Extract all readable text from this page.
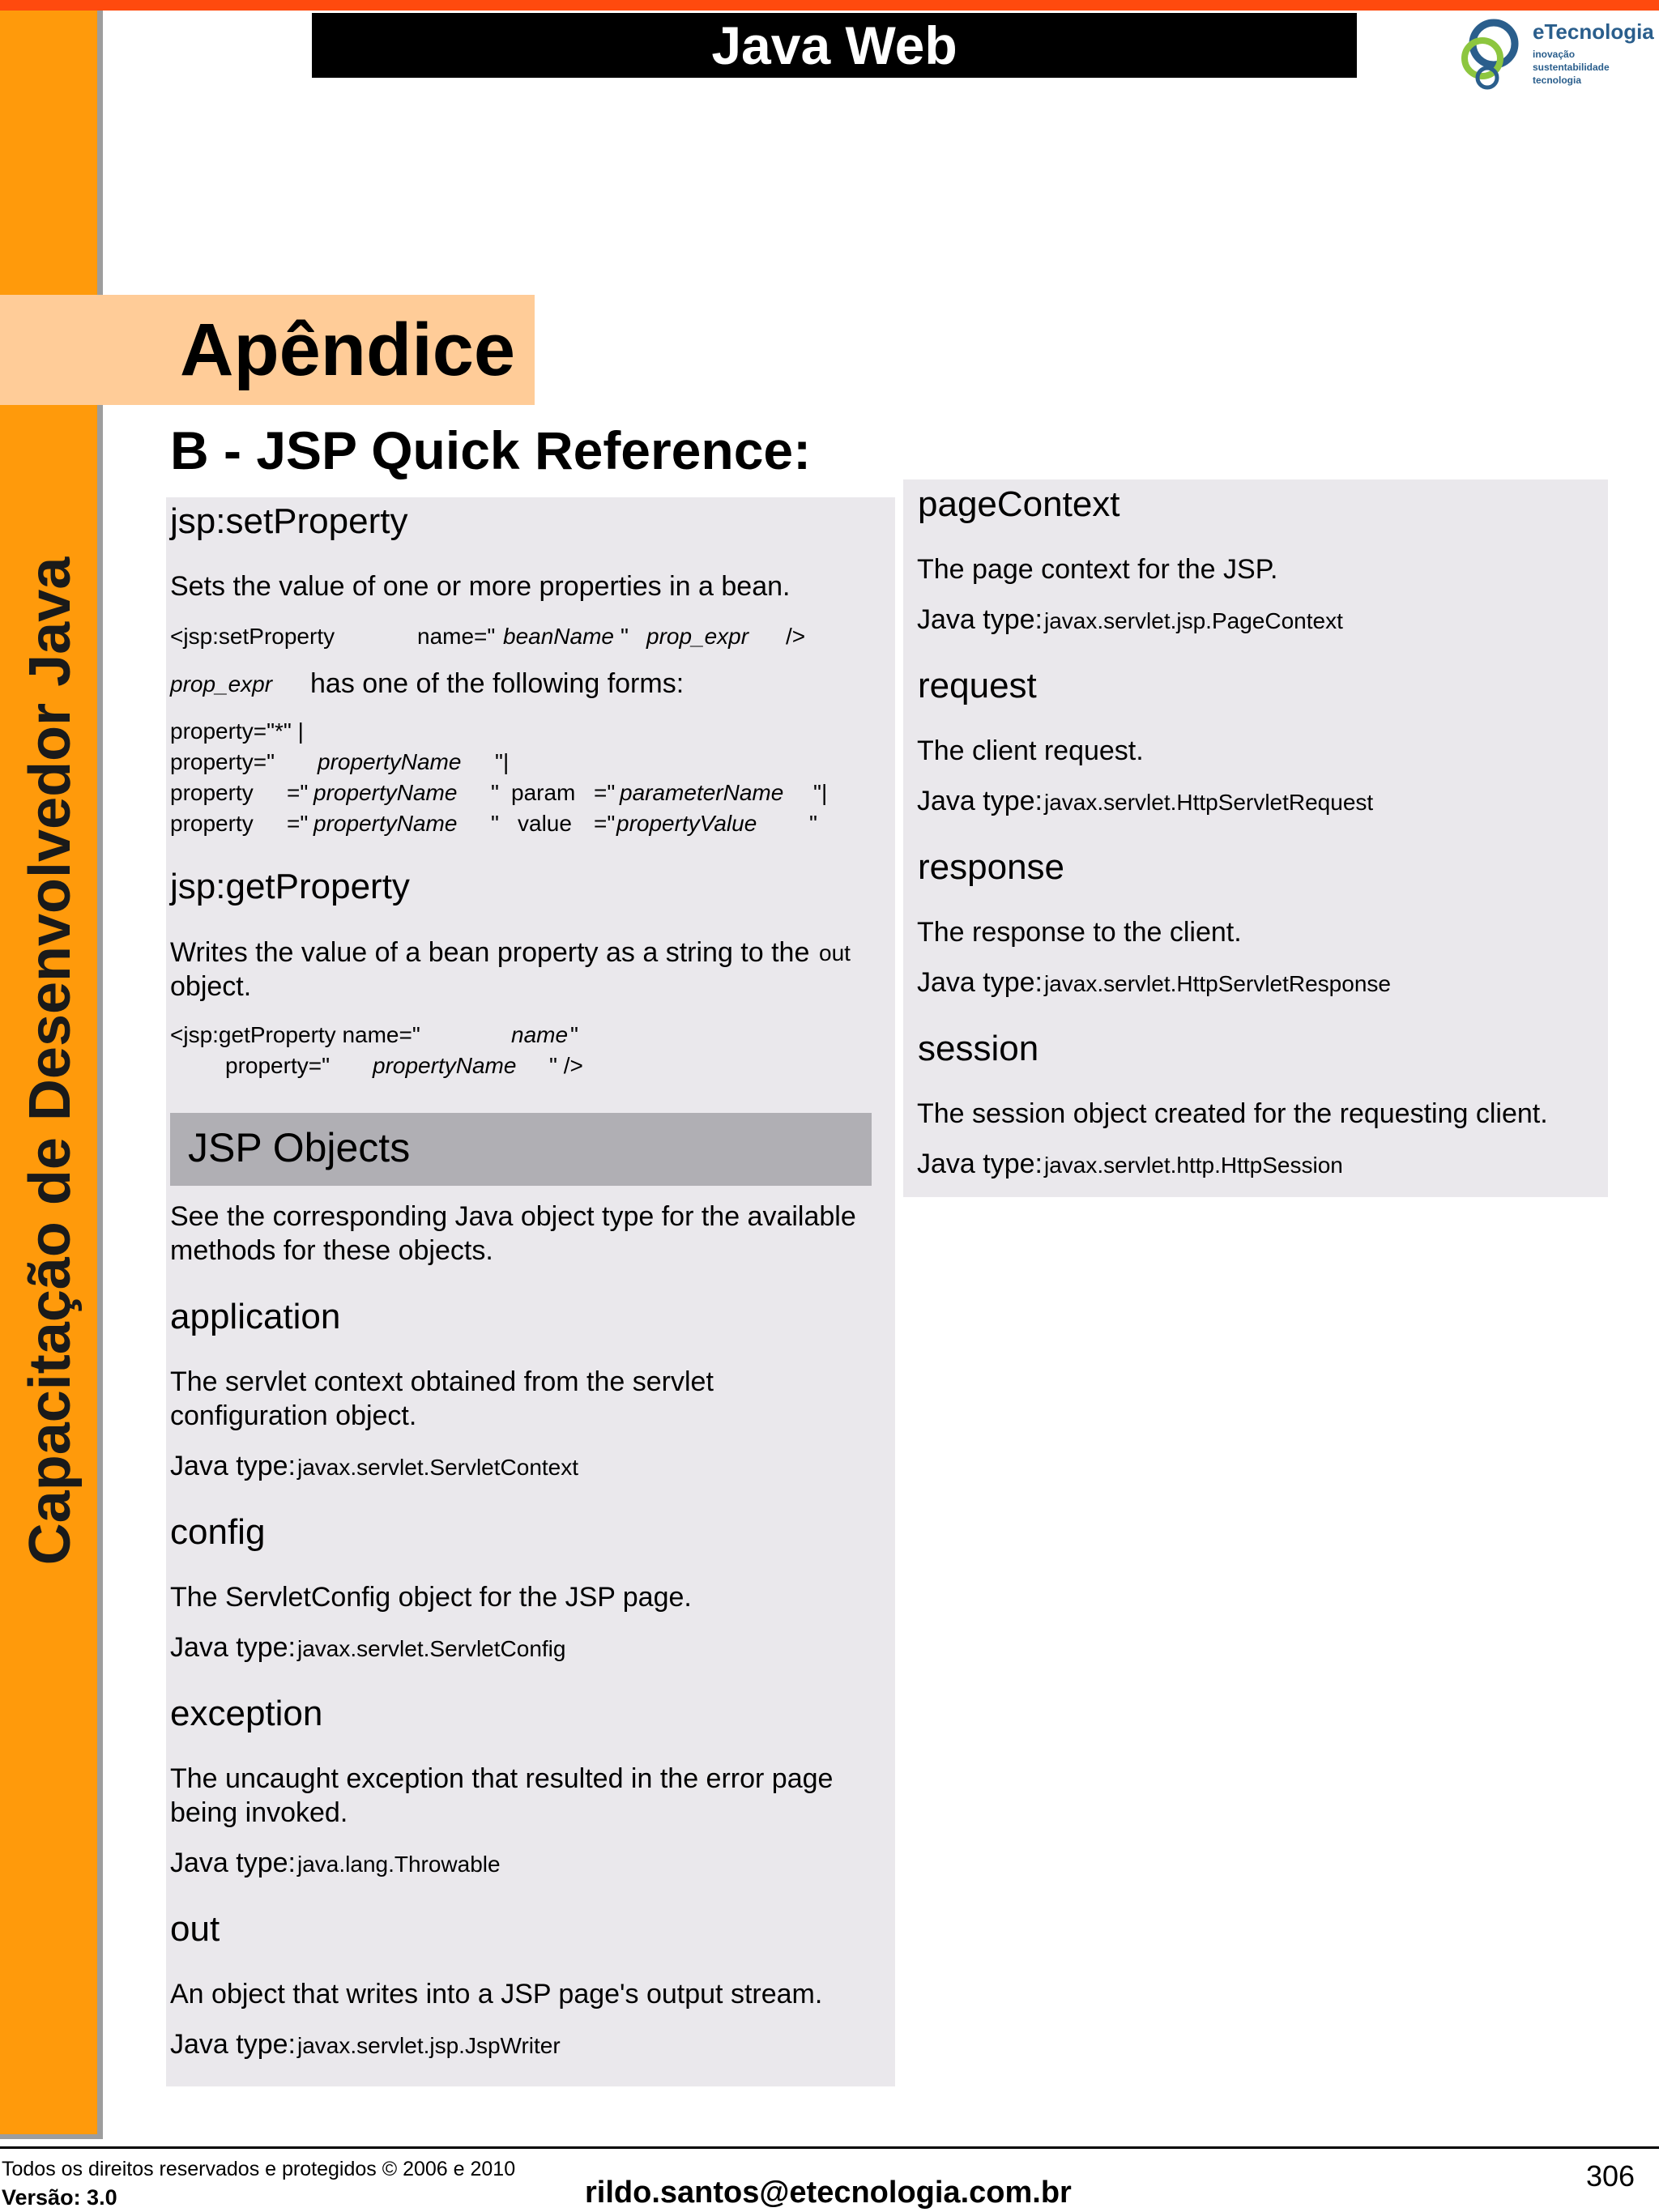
Capacitação de Desenvolvedor Java
Java Web	eTecnologia
inovação
sustentabilidade
tecnologia
Apêndice
B - JSP Quick Reference:
jsp:setProperty
Sets the value of one or more properties in a bean.
<jsp:setProperty	name=" beanName " prop_expr />
prop_expr has one of the following forms:
property="*" |
property=" propertyName "|
property =" propertyName " param =" parameterName "|
property =" propertyName " value =" propertyValue "
jsp:getProperty
Writes the value of a bean property as a string to the out
object.
<jsp:getProperty name="	name "
property=" propertyName " />
JSP Objects
See the corresponding Java object type for the available
methods for these objects.
application
The servlet context obtained from the servlet
configuration object.
Java type: javax.servlet.ServletContext
config
The ServletConfig object for the JSP page.
Java type: javax.servlet.ServletConfig
exception
The uncaught exception that resulted in the error page
being invoked.
Java type: java.lang.Throwable
out
An object that writes into a JSP page's output stream.
Java type: javax.servlet.jsp.JspWriter
pageContext
The page context for the JSP.
Java type: javax.servlet.jsp.PageContext
request
The client request.
Java type: javax.servlet.HttpServletRequest
response
The response to the client.
Java type: javax.servlet.HttpServletResponse
session
The session object created for the requesting client.
Java type: javax.servlet.http.HttpSession
Todos os direitos reservados e protegidos © 2006 e 2010
Versão: 3.0	rildo.santos@etecnologia.com.br	306
